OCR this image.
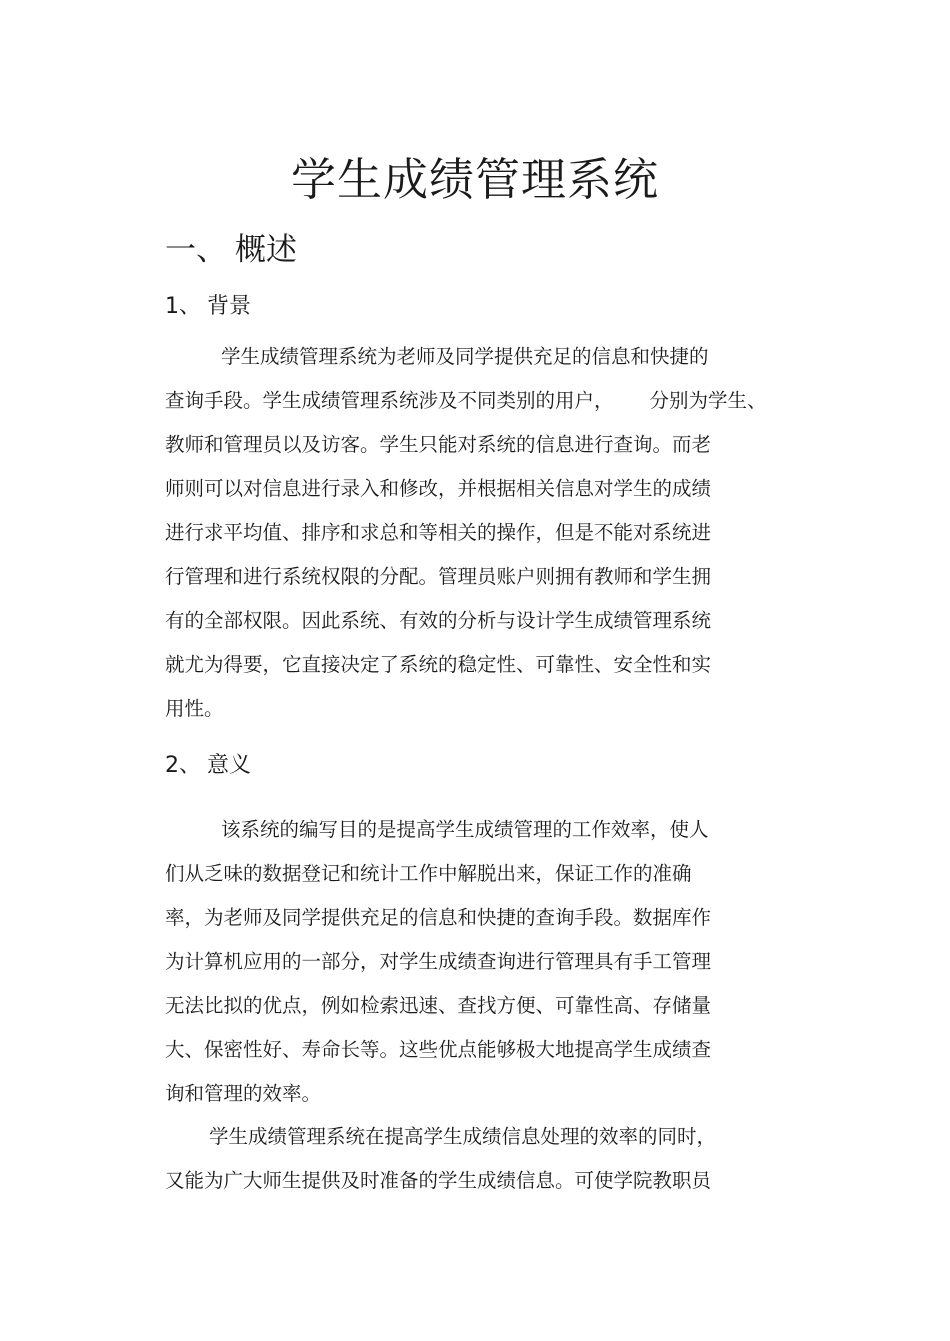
学生成绩管理系统
一、 概述
1、 背景
学生成绩管理系统为老师及同学提供充足的信息和快捷的
查询手段。学生成绩管理系统涉及不同类别的用户， 分别为学生、
教师和管理员以及访客。学生只能对系统的信息进行查询。而老
师则可以对信息进行录入和修改，并根据相关信息对学生的成绩
进行求平均值、排序和求总和等相关的操作，但是不能对系统进
行管理和进行系统权限的分配。管理员账户则拥有教师和学生拥
有的全部权限。因此系统、有效的分析与设计学生成绩管理系统
就尤为得要，它直接决定了系统的稳定性、可靠性、安全性和实
用性。
2、 意义
该系统的编写目的是提高学生成绩管理的工作效率，使人
们从乏味的数据登记和统计工作中解脱出来，保证工作的准确
率，为老师及同学提供充足的信息和快捷的查询手段。数据库作
为计算机应用的一部分，对学生成绩查询进行管理具有手工管理
无法比拟的优点，例如检索迅速、查找方便、可靠性高、存储量
大、保密性好、寿命长等。这些优点能够极大地提高学生成绩查
询和管理的效率。
学生成绩管理系统在提高学生成绩信息处理的效率的同时，
又能为广大师生提供及时准备的学生成绩信息。可使学院教职员
